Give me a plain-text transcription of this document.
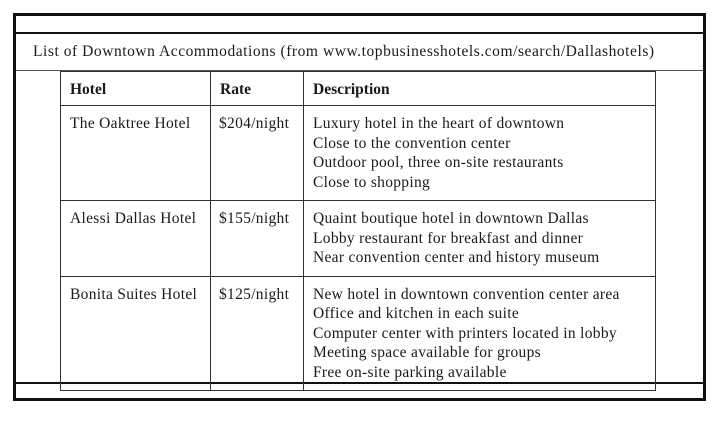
List of Downtown Accommodations (from www.topbusinesshotels.com/search/Dallashotels)
Hotel	Rate	Description
The Oaktree Hotel	$204/night	Luxury hotel in the heart of downtown
Close to the convention center
Outdoor pool, three on-site restaurants
Close to shopping

Alessi Dallas Hotel	$155/night	Quaint boutique hotel in downtown Dallas
Lobby restaurant for breakfast and dinner
Near convention center and history museum

Bonita Suites Hotel	$125/night	New hotel in downtown convention center area
Office and kitchen in each suite
Computer center with printers located in lobby
Meeting space available for groups
Free on-site parking available
